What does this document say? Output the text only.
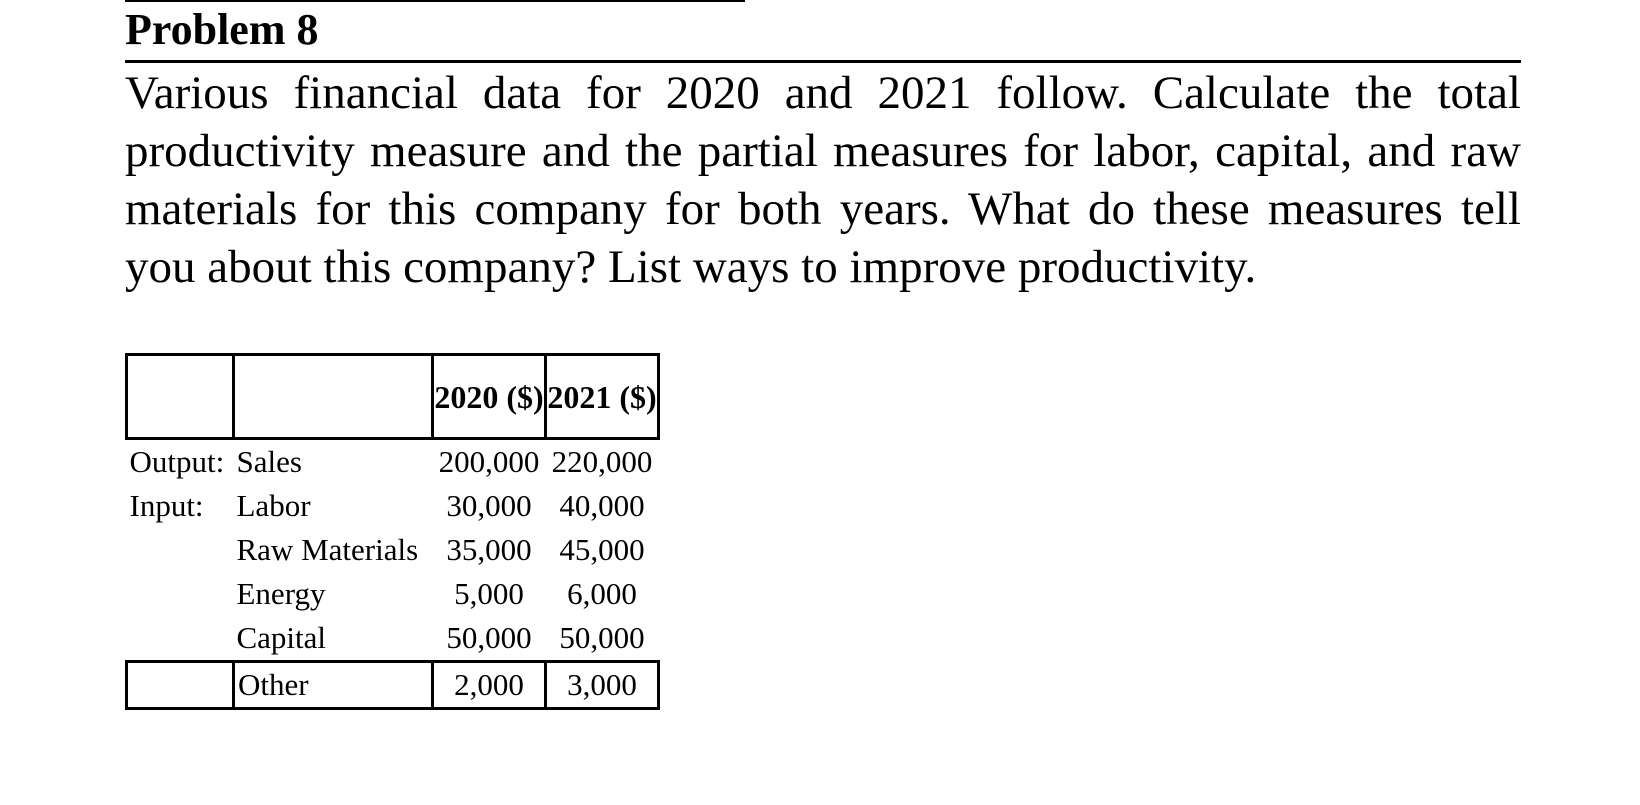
Problem 8

Various financial data for 2020 and 2021 follow. Calculate the total productivity measure and the partial measures for labor, capital, and raw materials for this company for both years. What do these measures tell you about this company? List ways to improve productivity.

		2020 ($)	2021 ($)
Output:	Sales	200,000	220,000
Input:	Labor	30,000	40,000
	Raw Materials	35,000	45,000
	Energy	5,000	6,000
	Capital	50,000	50,000
	Other	2,000	3,000
